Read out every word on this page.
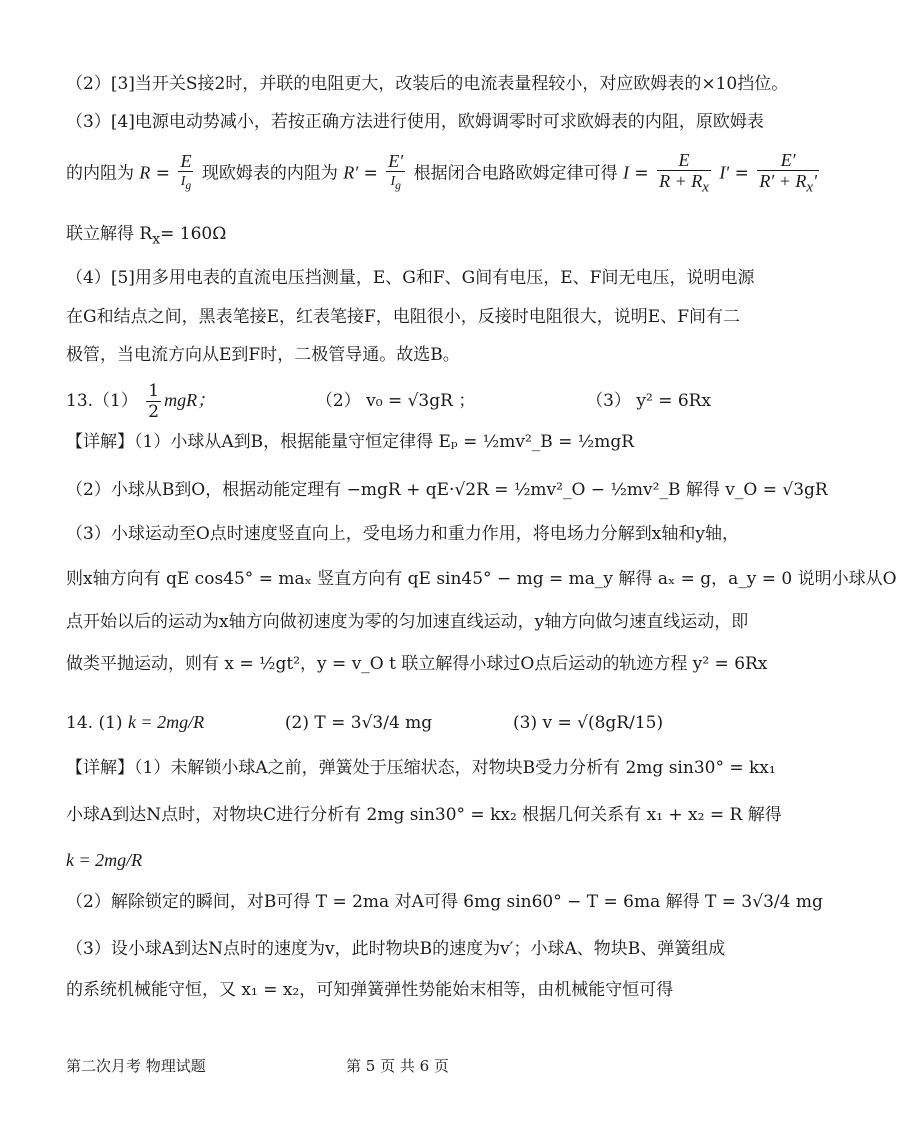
（2）[3]当开关S接2时，并联的电阻更大，改装后的电流表量程较小，对应欧姆表的×10挡位。
（3）[4]电源电动势减小，若按正确方法进行使用，欧姆调零时可求欧姆表的内阻，原欧姆表
的内阻为 $R = \frac{E}{I_g}$ 现欧姆表的内阻为 $R' = \frac{E'}{I_g}$ 根据闭合电路欧姆定律可得 $I = \frac{E}{R + R_x} I' = \frac{E'}{R' + R_x'}$
联立解得 $R_x= 160\Omega$
（4）[5]用多用电表的直流电压挡测量，E、G和F、G间有电压，E、F间无电压，说明电源
在G和结点之间，黑表笔接E，红表笔接F，电阻很小，反接时电阻很大，说明E、F间有二
极管，当电流方向从E到F时，二极管导通。故选B。
$13.(1) \frac{1}{2}$ mgR；	（2） v₀ = √3gR ；	（3） y² = 6Rx
【详解】（1）小球从A到B，根据能量守恒定律得 Eₚ = ½mv²_B = ½mgR
（2）小球从B到O，根据动能定理有 −mgR + qE·√2R = ½mv²_O − ½mv²_B 解得 v_O = √3gR
（3）小球运动至O点时速度竖直向上，受电场力和重力作用，将电场力分解到x轴和y轴，
则x轴方向有 qE cos45° = maₓ 竖直方向有 qE sin45° − mg = ma_y 解得 aₓ = g，a_y = 0 说明小球从O
点开始以后的运动为x轴方向做初速度为零的匀加速直线运动，y轴方向做匀速直线运动，即
做类平抛运动，则有 x = ½gt²，y = v_O t 联立解得小球过O点后运动的轨迹方程 y² = 6Rx
14. (1) k = 2mg/R	(2) T = 3√3/4 mg	(3) v = √(8gR/15)
【详解】（1）未解锁小球A之前，弹簧处于压缩状态，对物块B受力分析有 2mg sin30° = kx₁
小球A到达N点时，对物块C进行分析有 2mg sin30° = kx₂ 根据几何关系有 x₁ + x₂ = R 解得
k = 2mg/R
（2）解除锁定的瞬间，对B可得 T = 2ma 对A可得 6mg sin60° − T = 6ma 解得 T = 3√3/4 mg
（3）设小球A到达N点时的速度为v，此时物块B的速度为v′；小球A、物块B、弹簧组成
的系统机械能守恒，又 x₁ = x₂，可知弹簧弹性势能始末相等，由机械能守恒可得
第二次月考 物理试题	第 5 页 共 6 页
